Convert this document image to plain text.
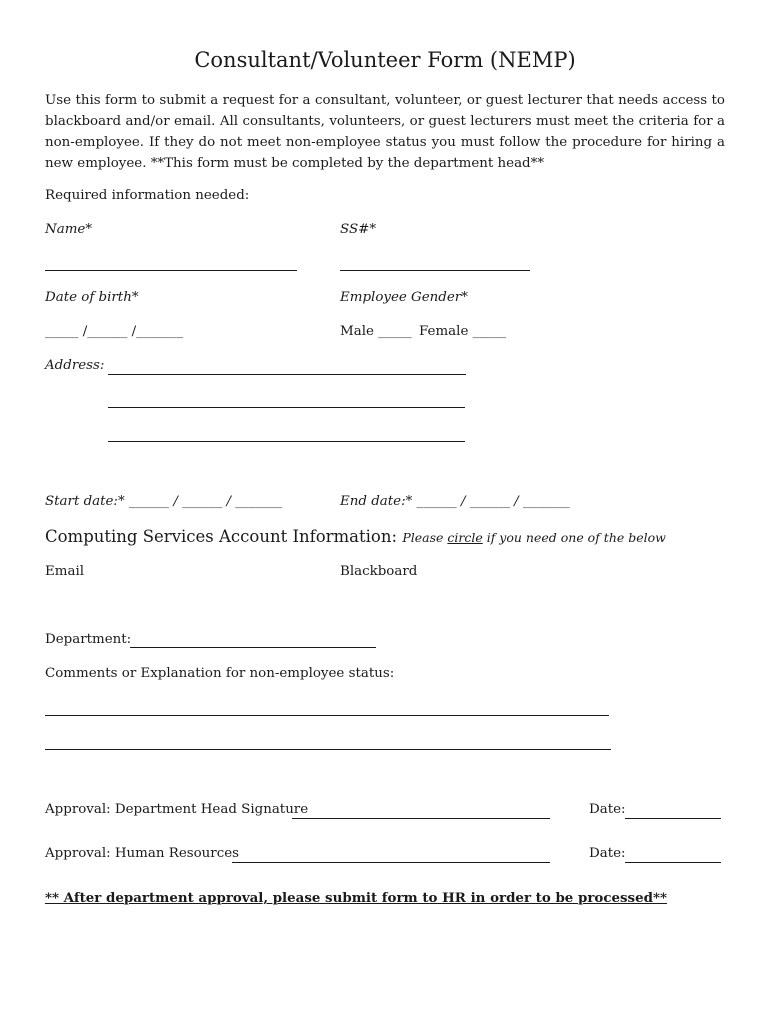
Consultant/Volunteer Form (NEMP)
Use this form to submit a request for a consultant, volunteer, or guest lecturer that needs access to blackboard and/or email. All consultants, volunteers, or guest lecturers must meet the criteria for a non-employee. If they do not meet non-employee status you must follow the procedure for hiring a new employee. **This form must be completed by the department head**
Required information needed:
Name*	SS#*
Date of birth*	Employee Gender*
_____ /______ /_______	Male _____ Female _____
Address:
Start date:* ______ / ______ / _______	End date:* ______ / ______ / _______
Computing Services Account Information: Please circle if you need one of the below
Email	Blackboard
Department:
Comments or Explanation for non-employee status:
Approval: Department Head Signature	Date:
Approval: Human Resources	Date:
** After department approval, please submit form to HR in order to be processed**
